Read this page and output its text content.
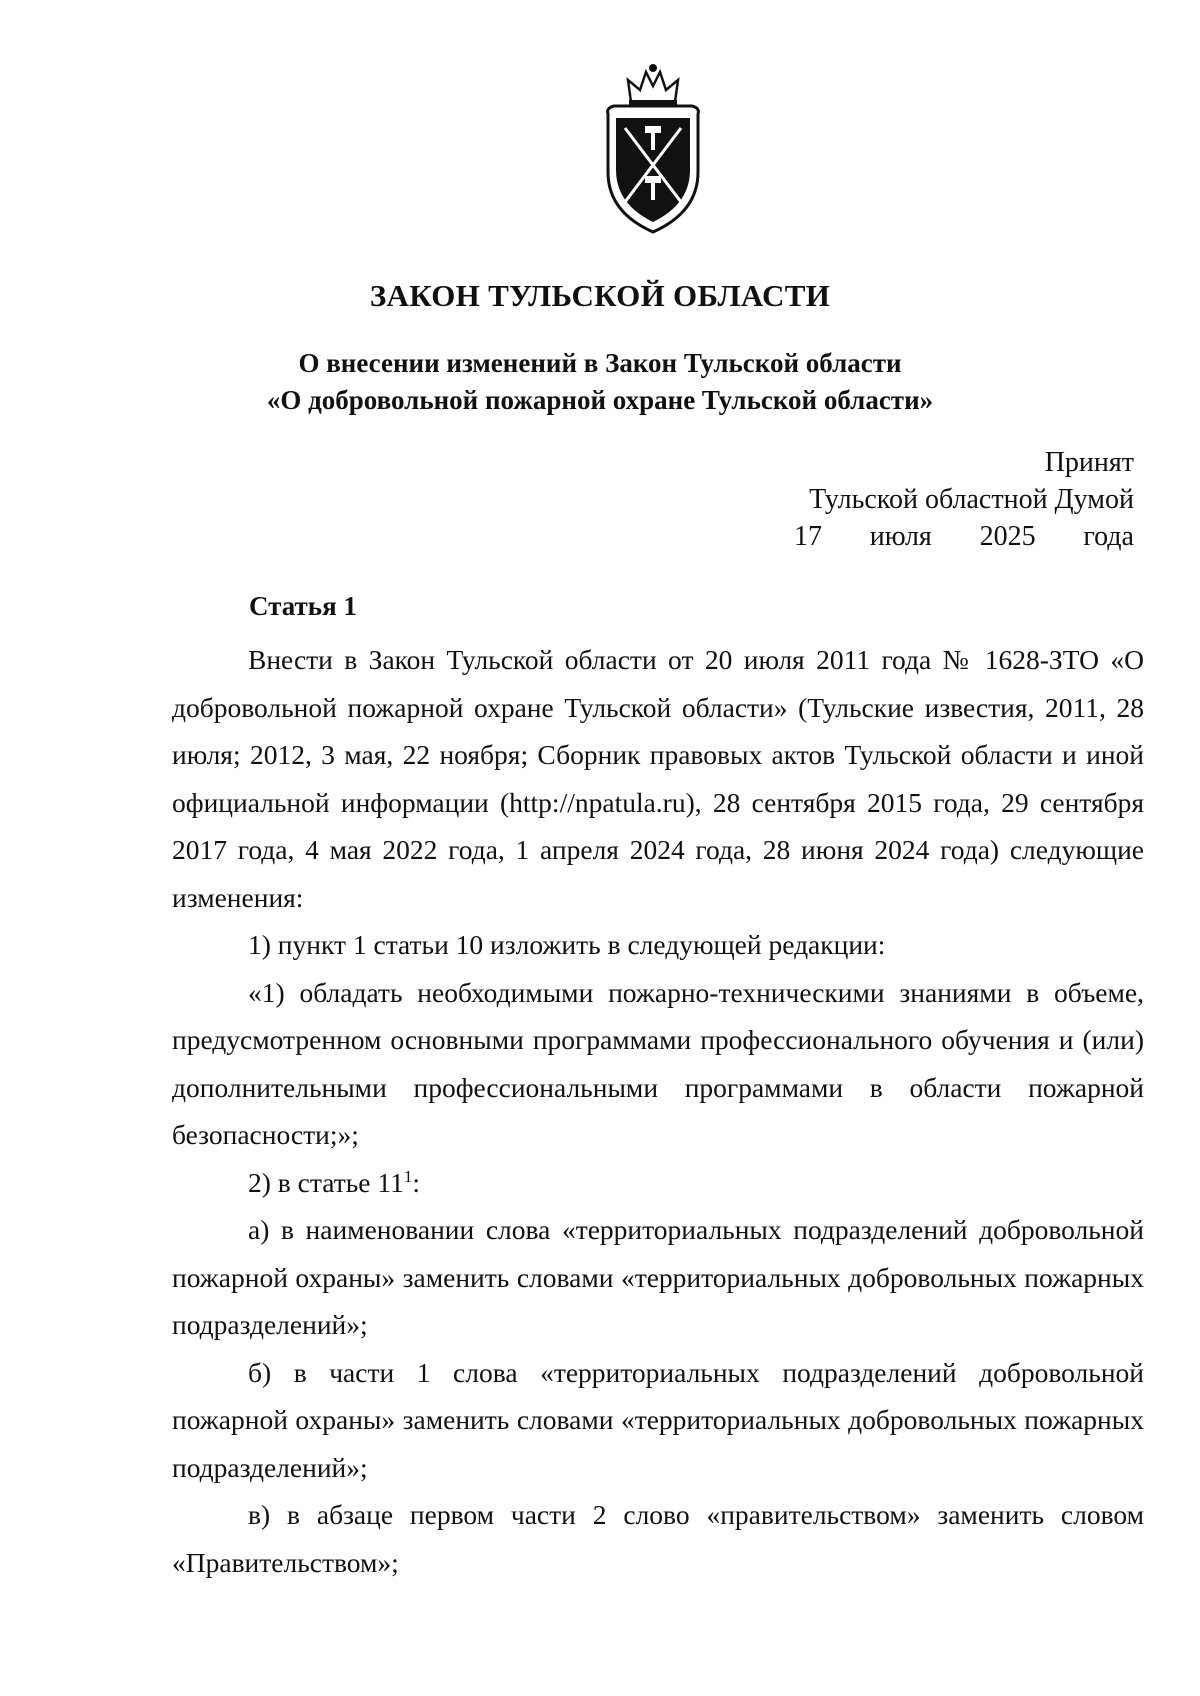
ЗАКОН ТУЛЬСКОЙ ОБЛАСТИ
О внесении изменений в Закон Тульской области
«О добровольной пожарной охране Тульской области»
Принят
Тульской областной Думой
17 июля 2025 года
Статья 1

Внести в Закон Тульской области от 20 июля 2011 года № 1628-ЗТО «О добровольной пожарной охране Тульской области» (Тульские известия, 2011, 28 июля; 2012, 3 мая, 22 ноября; Сборник правовых актов Тульской области и иной официальной информации (http://npatula.ru), 28 сентября 2015 года, 29 сентября 2017 года, 4 мая 2022 года, 1 апреля 2024 года, 28 июня 2024 года) следующие изменения:

1) пункт 1 статьи 10 изложить в следующей редакции:

«1) обладать необходимыми пожарно-техническими знаниями в объеме, предусмотренном основными программами профессионального обучения и (или) дополнительными профессиональными программами в области пожарной безопасности;»;

2) в статье $11^1$:

а) в наименовании слова «территориальных подразделений добровольной пожарной охраны» заменить словами «территориальных добровольных пожарных подразделений»;

б) в части 1 слова «территориальных подразделений добровольной пожарной охраны» заменить словами «территориальных добровольных пожарных подразделений»;

в) в абзаце первом части 2 слово «правительством» заменить словом «Правительством»;
